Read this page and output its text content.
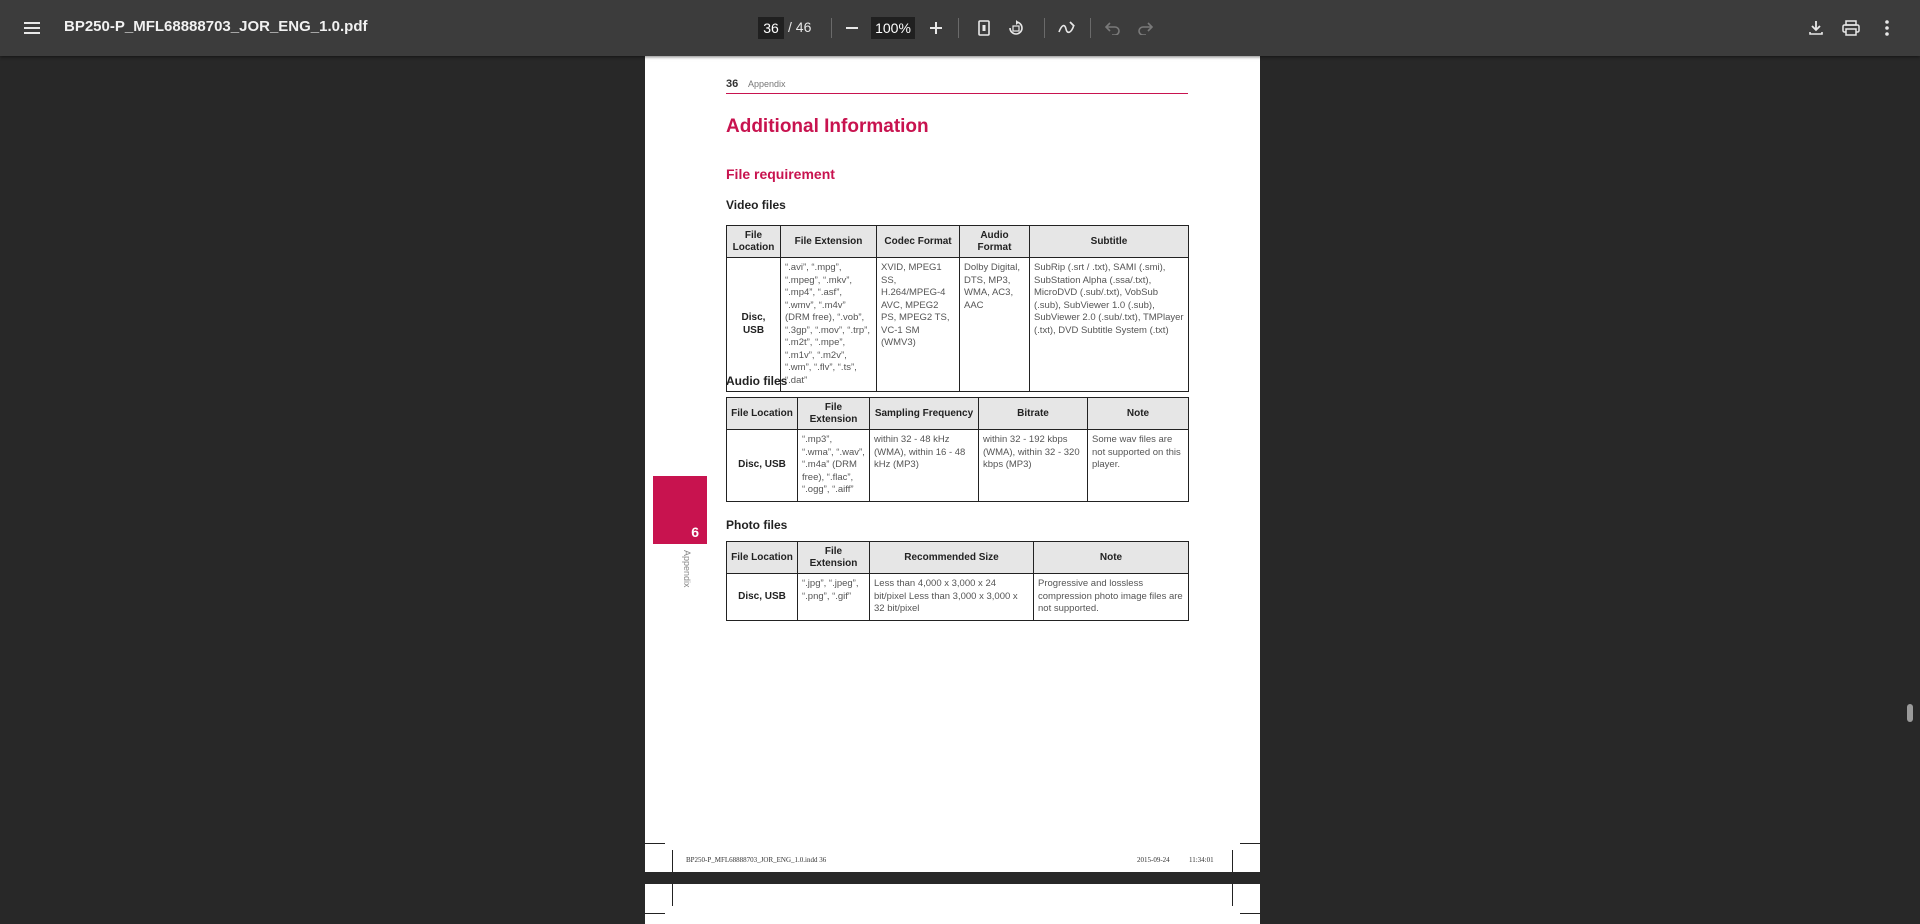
BP250-P_MFL68888703_JOR_ENG_1.0.pdf
36	/ 46
100%
36 Appendix
Additional Information
File requirement
Video files
File Location	File Extension	Codec Format	Audio Format	Subtitle
Disc, USB	“.avi”, “.mpg”, “.mpeg”, “.mkv”, “.mp4”, “.asf”, “.wmv”, “.m4v” (DRM free), “.vob”, “.3gp”, “.mov”, “.trp”, “.m2t”, “.mpe”, “.m1v”, “.m2v”, “.wm”, “.flv”, “.ts”, “.dat”	XVID, MPEG1 SS, H.264/MPEG-4 AVC, MPEG2 PS, MPEG2 TS, VC-1 SM (WMV3)	Dolby Digital, DTS, MP3, WMA, AC3, AAC	SubRip (.srt / .txt), SAMI (.smi), SubStation Alpha (.ssa/.txt), MicroDVD (.sub/.txt), VobSub (.sub), SubViewer 1.0 (.sub), SubViewer 2.0 (.sub/.txt), TMPlayer (.txt), DVD Subtitle System (.txt)
Audio files
File Location	File Extension	Sampling Frequency	Bitrate	Note
Disc, USB	“.mp3”, “.wma”, “.wav”, “.m4a” (DRM free), “.flac”, “.ogg”, “.aiff”	within 32 - 48 kHz (WMA), within 16 - 48 kHz (MP3)	within 32 - 192 kbps (WMA), within 32 - 320 kbps (MP3)	Some wav files are not supported on this player.
6
Appendix
Photo files
File Location	File Extension	Recommended Size	Note
Disc, USB	“.jpg”, “.jpeg”, “.png”, “.gif”	Less than 4,000 x 3,000 x 24 bit/pixel Less than 3,000 x 3,000 x 32 bit/pixel	Progressive and lossless compression photo image files are not supported.
BP250-P_MFL68888703_JOR_ENG_1.0.indd 36	2015-09-24	11:34:01
